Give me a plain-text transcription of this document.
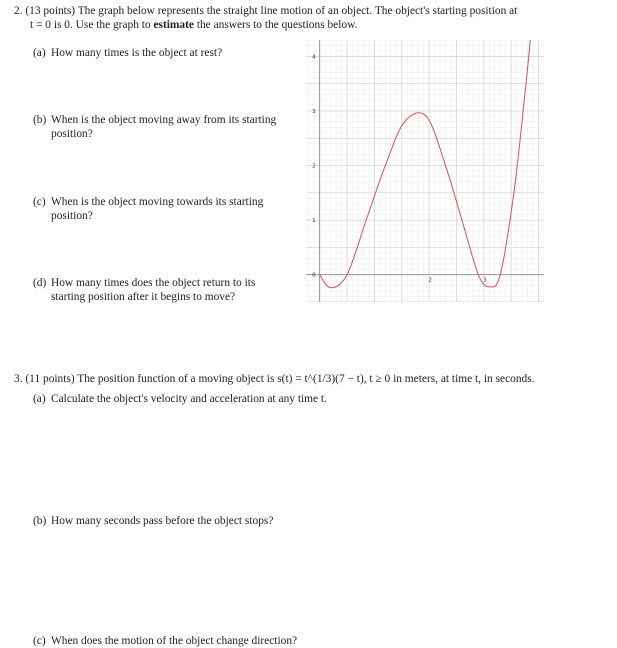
2. (13 points) The graph below represents the straight line motion of an object. The object's starting position at
t = 0 is 0. Use the graph to estimate the answers to the questions below.
(a) How many times is the object at rest?
(b) When is the object moving away from its starting position?
(c) When is the object moving towards its starting position?
(d) How many times does the object return to its starting position after it begins to move?
4
3
2
1
0
2	3
3. (11 points) The position function of a moving object is s(t) = t^(1/3)(7 − t), t ≥ 0 in meters, at time t, in seconds.
(a) Calculate the object's velocity and acceleration at any time t.
(b) How many seconds pass before the object stops?
(c) When does the motion of the object change direction?
